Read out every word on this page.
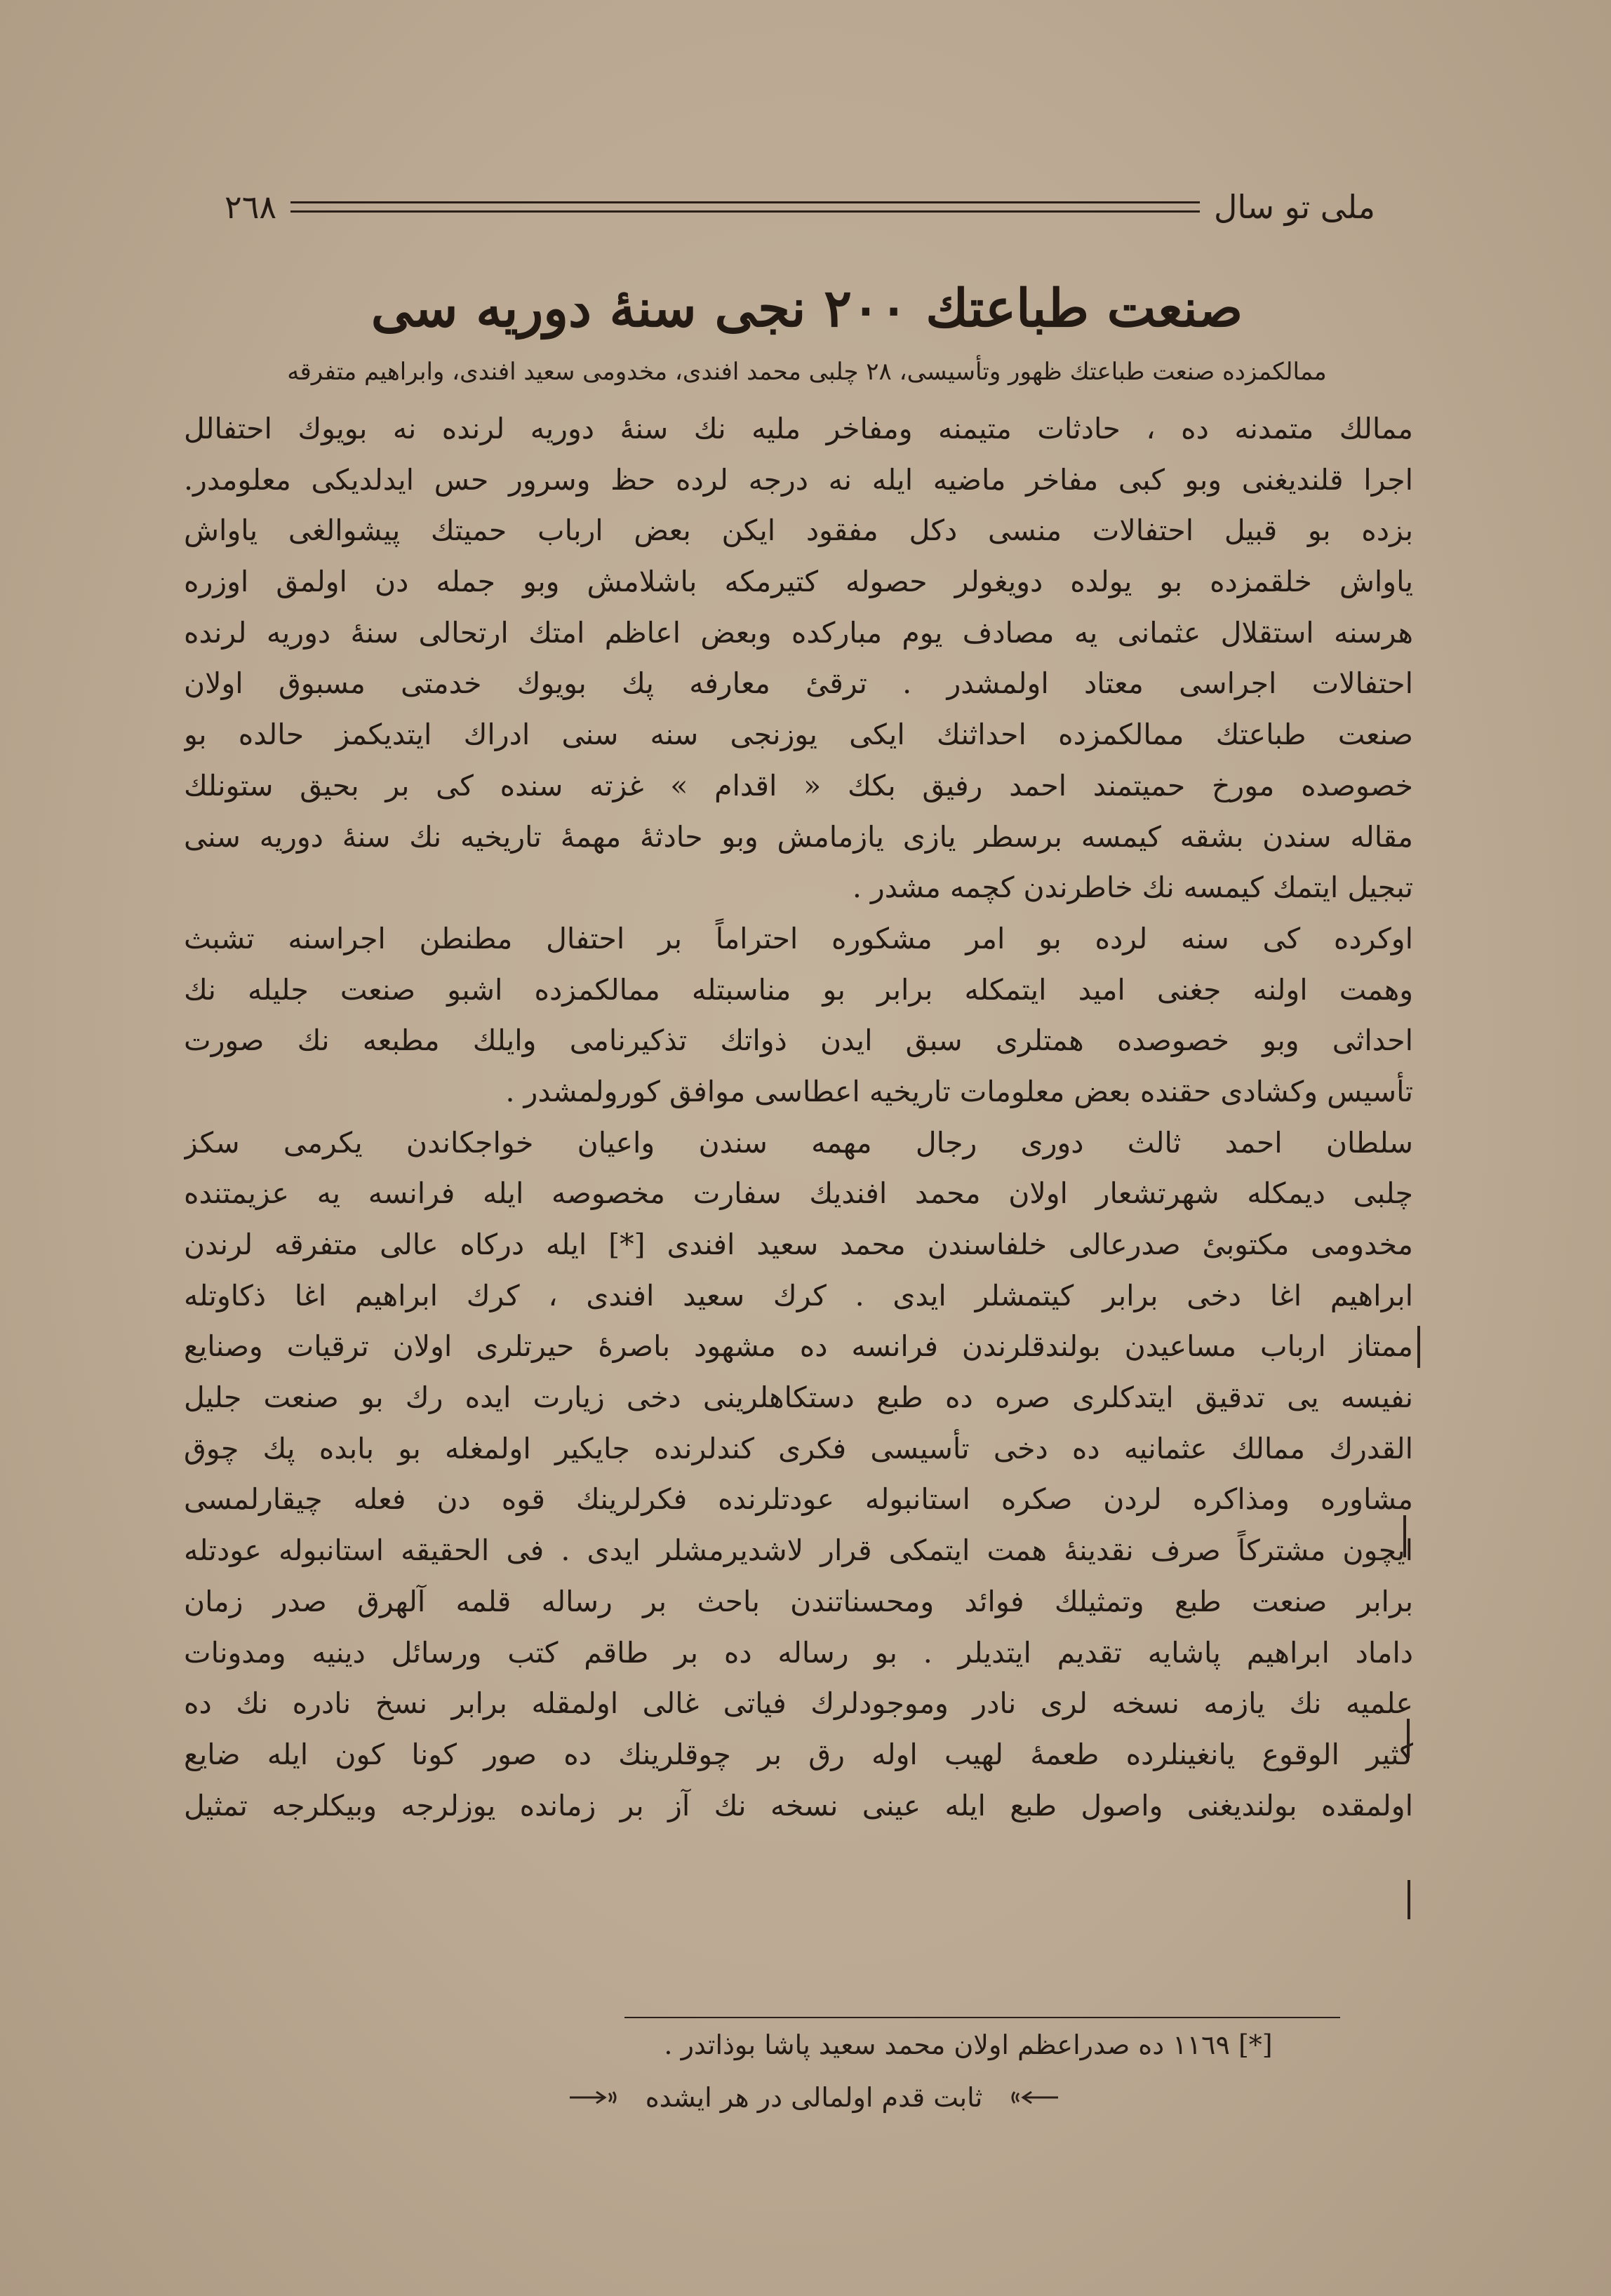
٢٦٨	ملى تو سال
صنعت طباعتك ٢٠٠ نجى سنهٔ دوريه سى
ممالكمزده صنعت طباعتك ظهور وتأسيسى، ٢٨ چلبى محمد افندى، مخدومى سعيد افندى، وابراهيم متفرقه
ممالك متمدنه ده ، حادثات متيمنه ومفاخر مليه نك سنهٔ دوريه لرنده نه بويوك احتفالل
اجرا قلنديغنى وبو كبى مفاخر ماضيه ايله نه درجه لرده حظ وسرور حس ايدلديكى معلومدر.
بزده بو قبيل احتفالات منسى دكل مفقود ايكن بعض ارباب حميتك پيشوالغى ياواش
ياواش خلقمزده بو يولده دويغولر حصوله كتيرمكه باشلامش وبو جمله دن اولمق اوزره
هرسنه استقلال عثمانى يه مصادف يوم مباركده وبعض اعاظم امتك ارتحالى سنهٔ دوريه لرنده
احتفالات اجراسى معتاد اولمشدر . ترقىٔ معارفه پك بويوك خدمتى مسبوق اولان
صنعت طباعتك ممالكمزده احداثنك ايكى يوزنجى سنه سنى ادراك ايتديكمز حالده بو
خصوصده مورخ حميتمند احمد رفيق بكك « اقدام » غزته سنده كى بر بحيق ستونلك
مقاله سندن بشقه كيمسه برسطر يازى يازمامش وبو حادثهٔ مهمهٔ تاريخيه نك سنهٔ دوريه سنى
تبجيل ايتمك كيمسه نك خاطرندن كچمه مشدر .
اوكرده كى سنه لرده بو امر مشكوره احتراماً بر احتفال مطنطن اجراسنه تشبث
وهمت اولنه جغنى اميد ايتمكله برابر بو مناسبتله ممالكمزده اشبو صنعت جليله نك
احداثى وبو خصوصده همتلرى سبق ايدن ذواتك تذكيرنامى وايلك مطبعه نك صورت
تأسيس وكشادى حقنده بعض معلومات تاريخيه اعطاسى موافق كورولمشدر .
سلطان احمد ثالث دورى رجال مهمه سندن واعيان خواجكاندن يكرمى سكز
چلبى ديمكله شهرتشعار اولان محمد افنديك سفارت مخصوصه ايله فرانسه يه عزيمتنده
مخدومى مكتوبىٔ صدرعالى خلفاسندن محمد سعيد افندى [*] ايله دركاه عالى متفرقه لرندن
ابراهيم اغا دخى برابر كيتمشلر ايدى . كرك سعيد افندى ، كرك ابراهيم اغا ذكاوتله
ممتاز ارباب مساعيدن بولندقلرندن فرانسه ده مشهود باصرهٔ حيرتلرى اولان ترقيات وصنايع
نفيسه يى تدقيق ايتدكلرى صره ده طبع دستكاهلرينى دخى زيارت ايده رك بو صنعت جليل
القدرك ممالك عثمانيه ده دخى تأسيسى فكرى كندلرنده جايكير اولمغله بو بابده پك چوق
مشاوره ومذاكره لردن صكره استانبوله عودتلرنده فكرلرينك قوه دن فعله چيقارلمسى
ايچون مشتركاً صرف نقدينهٔ همت ايتمكى قرار لاشديرمشلر ايدى . فى الحقيقه استانبوله عودتله
برابر صنعت طبع وتمثيلك فوائد ومحسناتندن باحث بر رساله قلمه آلهرق صدر زمان
داماد ابراهيم پاشايه تقديم ايتديلر . بو رساله ده بر طاقم كتب ورسائل دينيه ومدونات
علميه نك يازمه نسخه لرى نادر وموجودلرك فياتى غالى اولمقله برابر نسخ نادره نك ده
كثير الوقوع يانغينلرده طعمهٔ لهيب اوله رق بر چوقلرينك ده صور كونا كون ايله ضايع
اولمقده بولنديغنى واصول طبع ايله عينى نسخه نك آز بر زمانده يوزلرجه وبيكلرجه تمثيل
[*] ١١٦٩ ده صدراعظم اولان محمد سعيد پاشا بوذاتدر .
ثابت قدم اولمالى در هر ايشده
